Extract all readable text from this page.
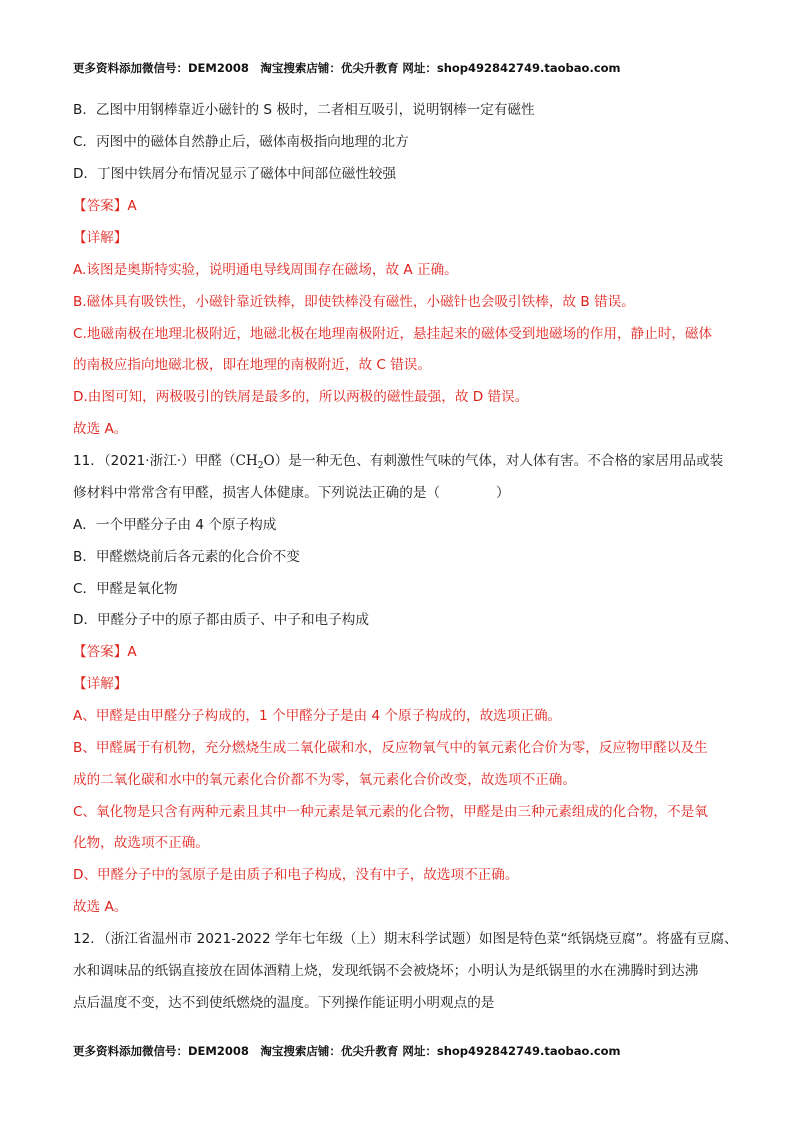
更多资料添加微信号：DEM2008　淘宝搜索店铺：优尖升教育 网址：shop492842749.taobao.com
B．乙图中用钢棒靠近小磁针的 S 极时，二者相互吸引，说明钢棒一定有磁性
C．丙图中的磁体自然静止后，磁体南极指向地理的北方
D．丁图中铁屑分布情况显示了磁体中间部位磁性较强
【答案】A
【详解】
A.该图是奥斯特实验，说明通电导线周围存在磁场，故 A 正确。
B.磁体具有吸铁性，小磁针靠近铁棒，即使铁棒没有磁性，小磁针也会吸引铁棒，故 B 错误。
C.地磁南极在地理北极附近，地磁北极在地理南极附近，悬挂起来的磁体受到地磁场的作用，静止时，磁体
的南极应指向地磁北极，即在地理的南极附近，故 C 错误。
D.由图可知，两极吸引的铁屑是最多的，所以两极的磁性最强，故 D 错误。
故选 A。
11．（2021·浙江·）甲醛$(CH_2O)$是一种无色、有刺激性气味的气体，对人体有害。不合格的家居用品或装
修材料中常常含有甲醛，损害人体健康。下列说法正确的是（	）
A．一个甲醛分子由 4 个原子构成
B．甲醛燃烧前后各元素的化合价不变
C．甲醛是氧化物
D．甲醛分子中的原子都由质子、中子和电子构成
【答案】A
【详解】
A、甲醛是由甲醛分子构成的，1 个甲醛分子是由 4 个原子构成的，故选项正确。
B、甲醛属于有机物，充分燃烧生成二氧化碳和水，反应物氧气中的氧元素化合价为零，反应物甲醛以及生
成的二氧化碳和水中的氧元素化合价都不为零，氧元素化合价改变，故选项不正确。
C、氧化物是只含有两种元素且其中一种元素是氧元素的化合物，甲醛是由三种元素组成的化合物，不是氧
化物，故选项不正确。
D、甲醛分子中的氢原子是由质子和电子构成，没有中子，故选项不正确。
故选 A。
12．（浙江省温州市 2021-2022 学年七年级（上）期末科学试题）如图是特色菜“纸锅烧豆腐”。将盛有豆腐、
水和调味品的纸锅直接放在固体酒精上烧，发现纸锅不会被烧坏；小明认为是纸锅里的水在沸腾时到达沸
点后温度不变，达不到使纸燃烧的温度。下列操作能证明小明观点的是
更多资料添加微信号：DEM2008　淘宝搜索店铺：优尖升教育 网址：shop492842749.taobao.com
